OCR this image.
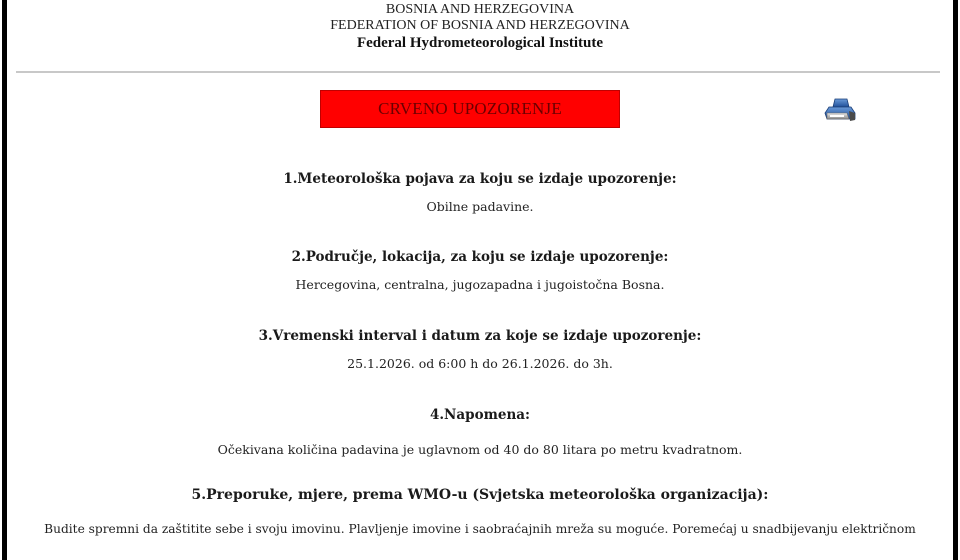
BOSNIA AND HERZEGOVINA
FEDERATION OF BOSNIA AND HERZEGOVINA
Federal Hydrometeorological Institute
CRVENO UPOZORENJE
1.Meteorološka pojava za koju se izdaje upozorenje:

Obilne padavine.

2.Područje, lokacija, za koju se izdaje upozorenje:

Hercegovina, centralna, jugozapadna i jugoistočna Bosna.

3.Vremenski interval i datum za koje se izdaje upozorenje:

25.1.2026. od 6:00 h do 26.1.2026. do 3h.

4.Napomena:

Očekivana količina padavina je uglavnom od 40 do 80 litara po metru kvadratnom.

5.Preporuke, mjere, prema WMO-u (Svjetska meteorološka organizacija):

Budite spremni da zaštitite sebe i svoju imovinu. Plavljenje imovine i saobraćajnih mreža su moguće. Poremećaj u snadbijevanju električnom
